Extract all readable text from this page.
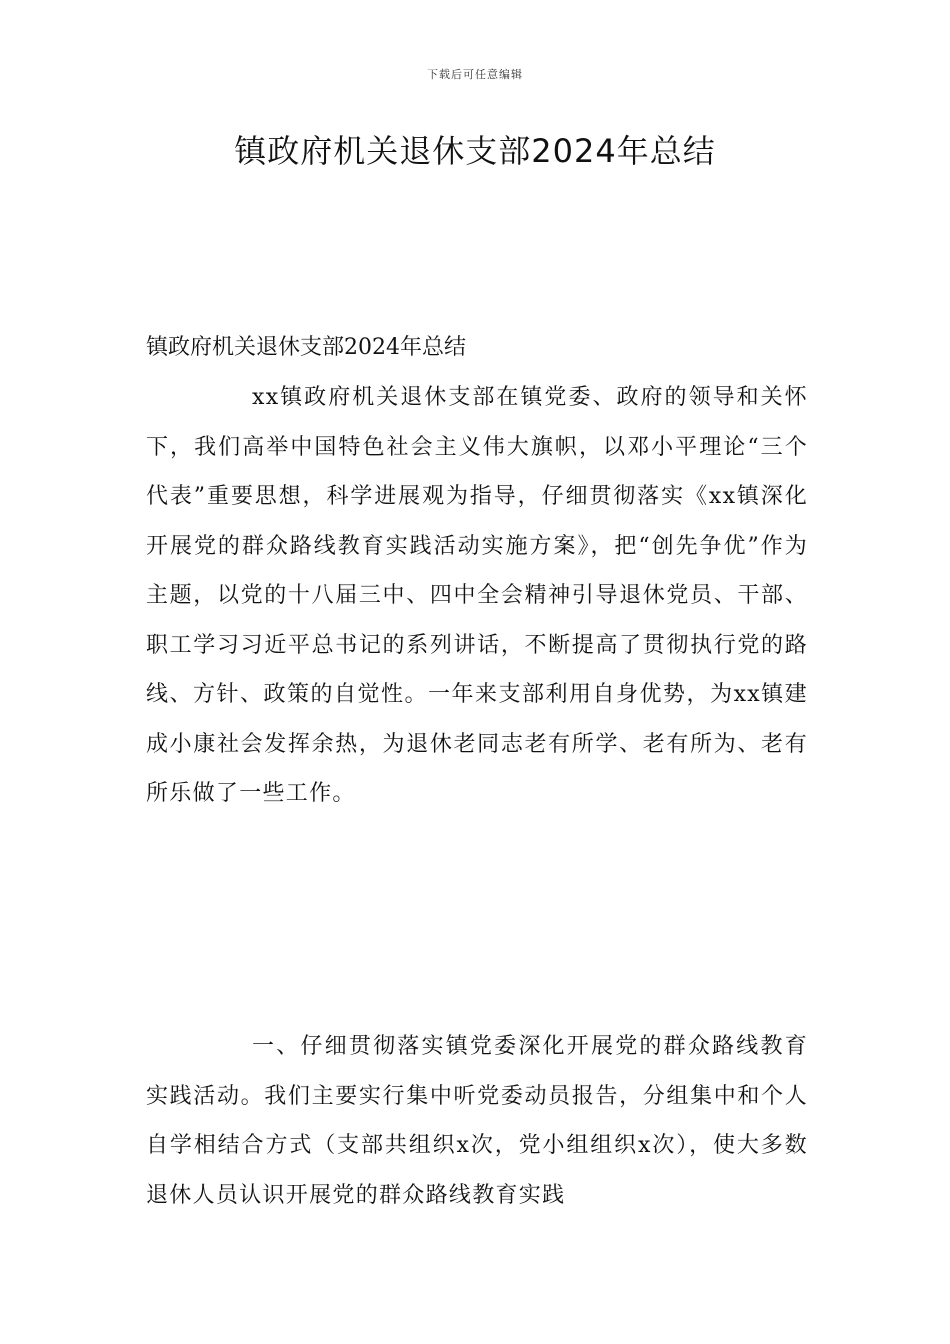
下载后可任意编辑
镇政府机关退休支部2024年总结

镇政府机关退休支部2024年总结

xx镇政府机关退休支部在镇党委、政府的领导和关怀下，我们高举中国特色社会主义伟大旗帜，以邓小平理论“三个代表”重要思想，科学进展观为指导，仔细贯彻落实《xx镇深化开展党的群众路线教育实践活动实施方案》，把“创先争优”作为主题，以党的十八届三中、四中全会精神引导退休党员、干部、职工学习习近平总书记的系列讲话，不断提高了贯彻执行党的路线、方针、政策的自觉性。一年来支部利用自身优势，为xx镇建成小康社会发挥余热，为退休老同志老有所学、老有所为、老有所乐做了一些工作。

一、仔细贯彻落实镇党委深化开展党的群众路线教育实践活动。我们主要实行集中听党委动员报告，分组集中和个人自学相结合方式（支部共组织x次，党小组组织x次），使大多数退休人员认识开展党的群众路线教育实践
